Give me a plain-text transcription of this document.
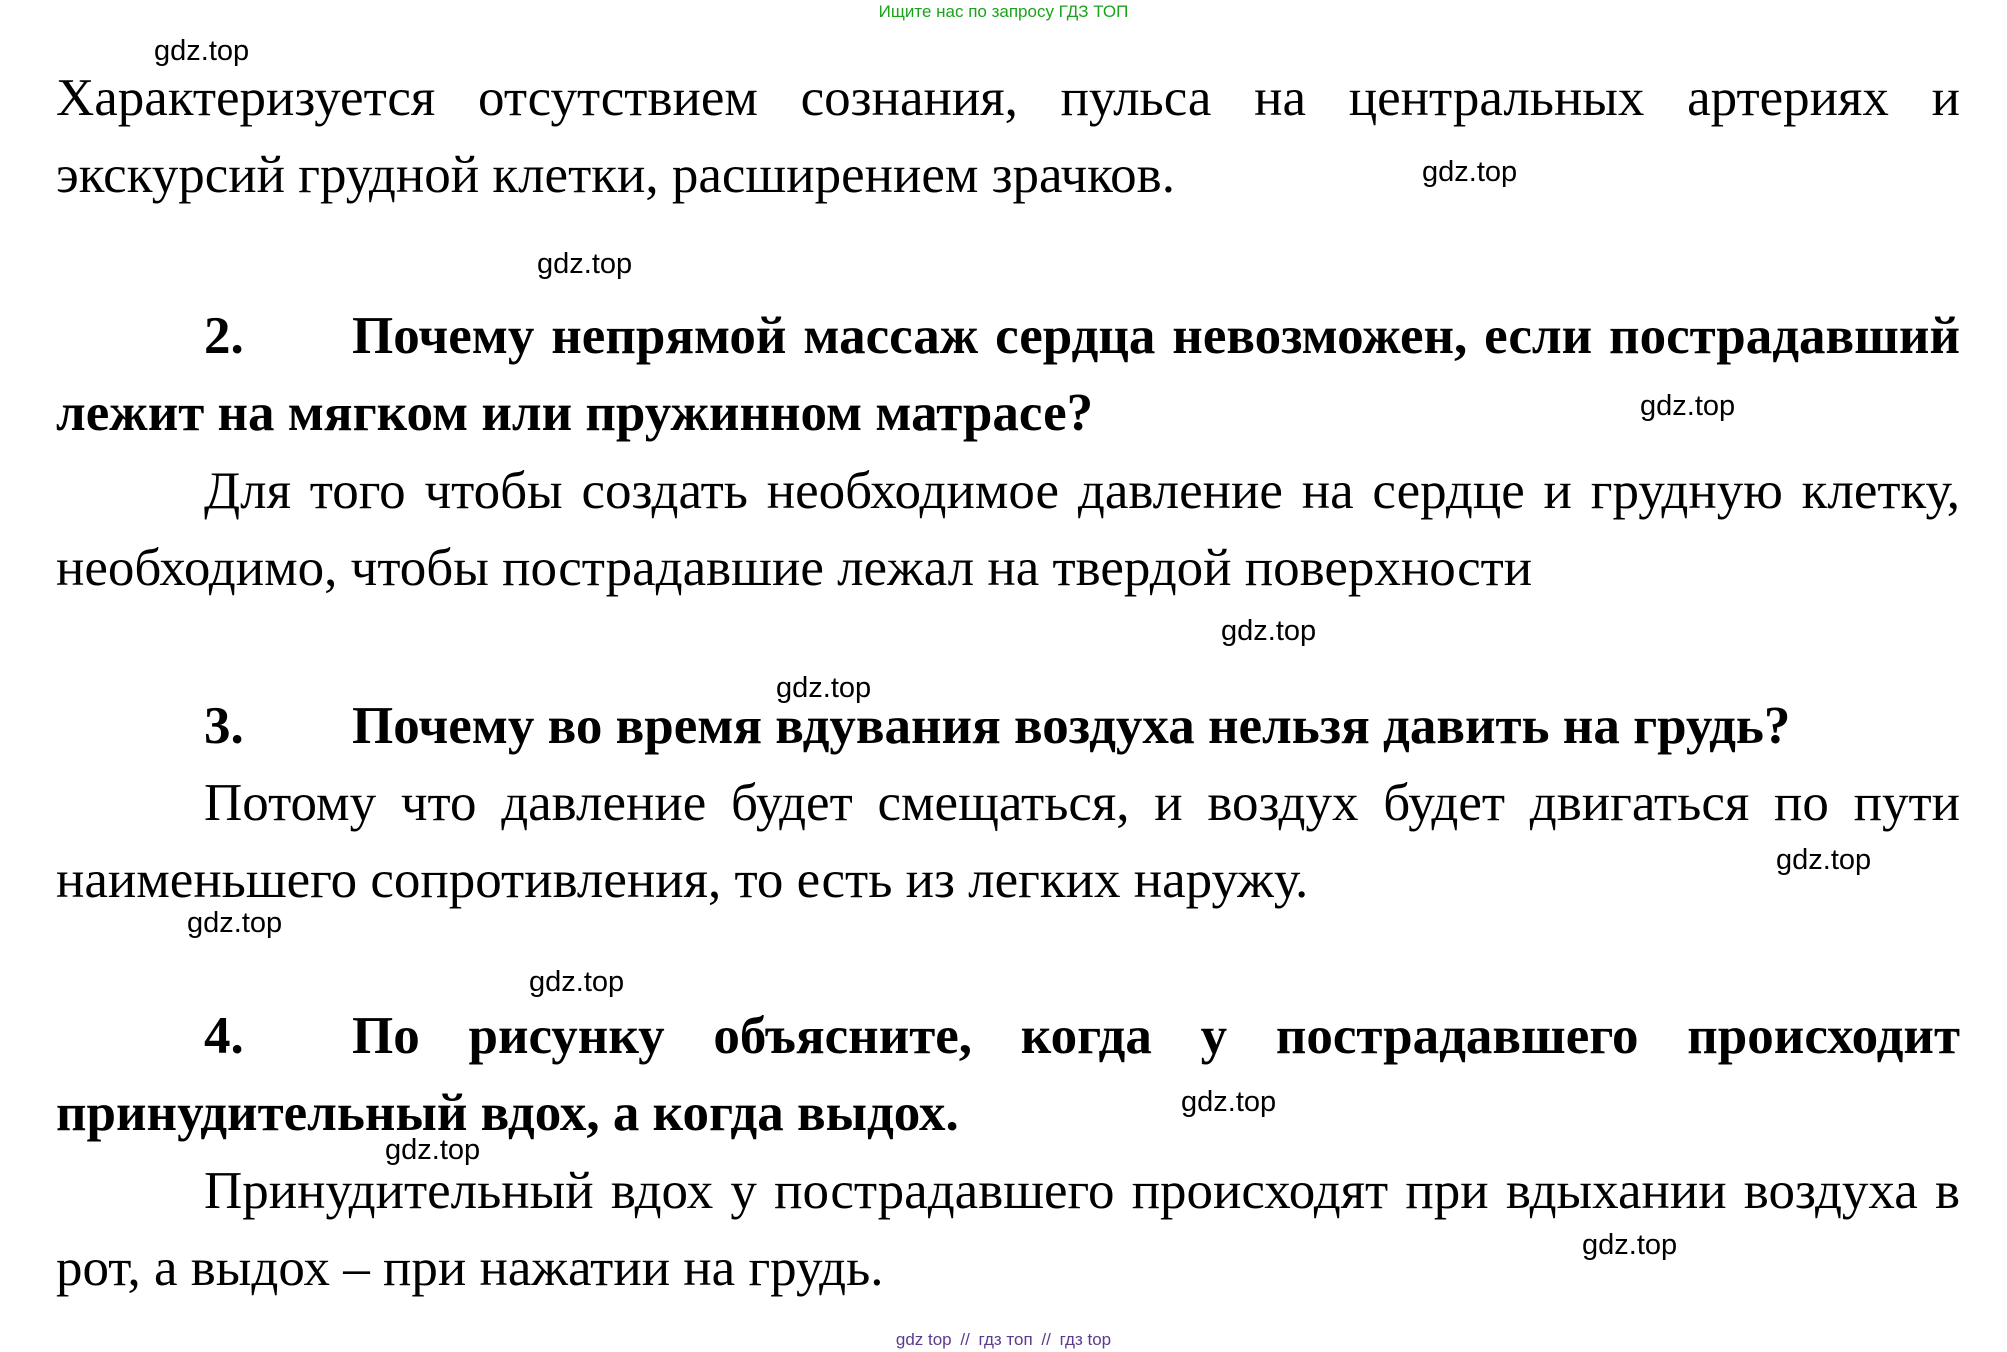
Ищите нас по запросу ГДЗ ТОП

Характеризуется отсутствием сознания, пульса на центральных артериях и экскурсий грудной клетки, расширением зрачков.

2. Почему непрямой массаж сердца невозможен, если пострадавший лежит на мягком или пружинном матрасе?

Для того чтобы создать необходимое давление на сердце и грудную клетку, необходимо, чтобы пострадавшие лежал на твердой поверхности

3. Почему во время вдувания воздуха нельзя давить на грудь?

Потому что давление будет смещаться, и воздух будет двигаться по пути наименьшего сопротивления, то есть из легких наружу.

4. По рисунку объясните, когда у пострадавшего происходит принудительный вдох, а когда выдох.

Принудительный вдох у пострадавшего происходят при вдыхании воздуха в рот, а выдох – при нажатии на грудь.

gdz.top
gdz.top
gdz.top
gdz.top
gdz.top
gdz.top
gdz.top
gdz.top
gdz.top
gdz.top
gdz.top
gdz.top
gdz top // гдз топ // гдз top
